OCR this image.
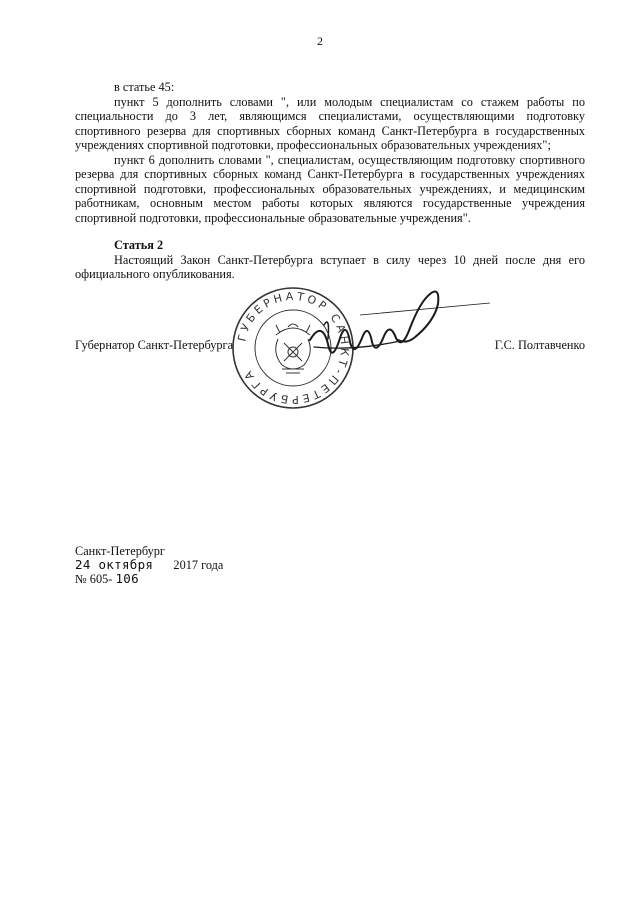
2

в статье 45:

пункт 5 дополнить словами ", или молодым специалистам со стажем работы по специальности до 3 лет, являющимся специалистами, осуществляющими подготовку спортивного резерва для спортивных сборных команд Санкт-Петербурга в государственных учреждениях спортивной подготовки, профессиональных образовательных учреждениях";

пункт 6 дополнить словами ", специалистам, осуществляющим подготовку спортивного резерва для спортивных сборных команд Санкт-Петербурга в государственных учреждениях спортивной подготовки, профессиональных образовательных учреждениях, и медицинским работникам, основным местом работы которых являются государственные учреждения спортивной подготовки, профессиональные образовательные учреждения".

Статья 2

Настоящий Закон Санкт-Петербурга вступает в силу через 10 дней после дня его официального опубликования.

Губернатор Санкт-Петербурга	Г.С. Полтавченко
ГУБЕРНАТОР САНКТ-ПЕТЕРБУРГА
Санкт-Петербург
24 октября 2017 года
№ 605- 106
